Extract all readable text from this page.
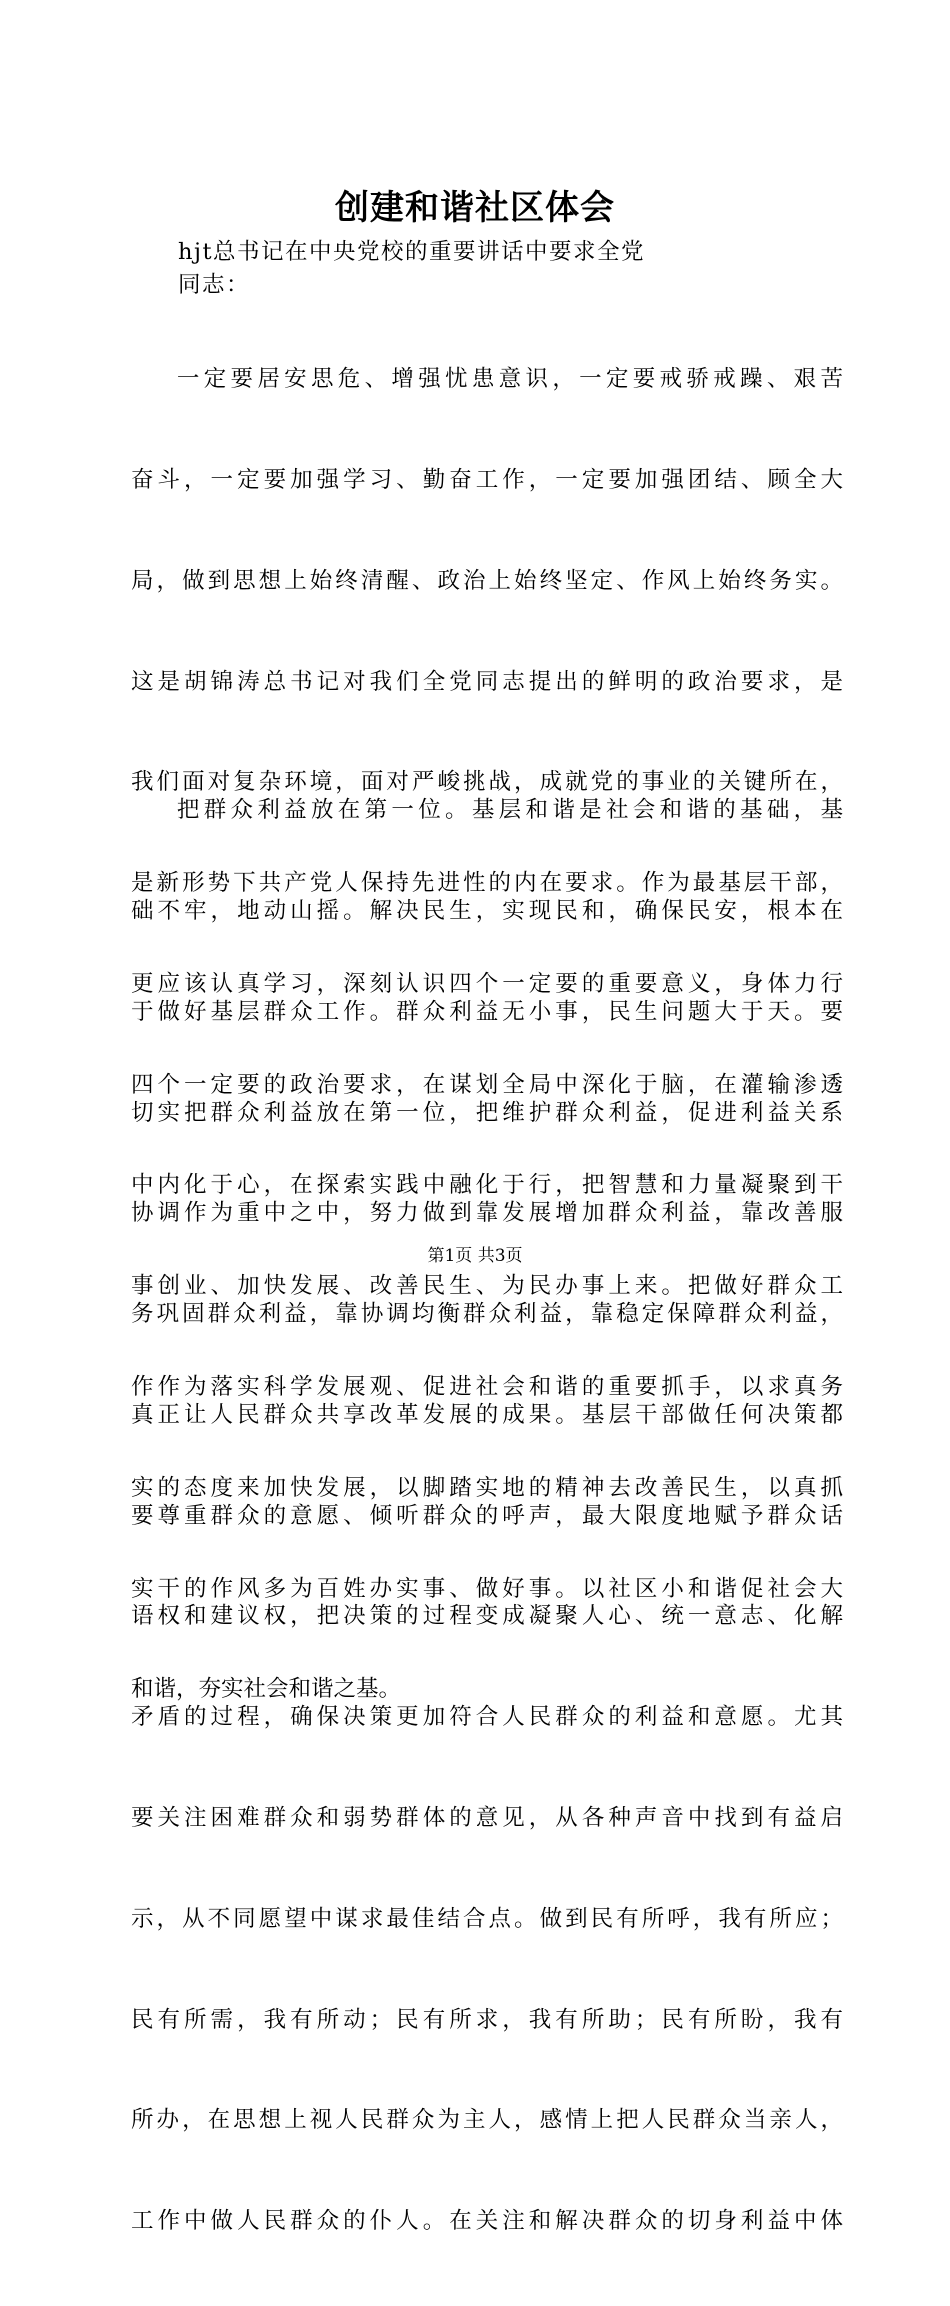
创建和谐社区体会
hjt总书记在中央党校的重要讲话中要求全党
同志：

一定要居安思危、增强忧患意识，一定要戒骄戒躁、艰苦

奋斗，一定要加强学习、勤奋工作，一定要加强团结、顾全大

局，做到思想上始终清醒、政治上始终坚定、作风上始终务实。

这是胡锦涛总书记对我们全党同志提出的鲜明的政治要求，是

我们面对复杂环境，面对严峻挑战，成就党的事业的关键所在，

是新形势下共产党人保持先进性的内在要求。作为最基层干部，

更应该认真学习，深刻认识四个一定要的重要意义，身体力行

四个一定要的政治要求，在谋划全局中深化于脑，在灌输渗透

中内化于心，在探索实践中融化于行，把智慧和力量凝聚到干

事创业、加快发展、改善民生、为民办事上来。把做好群众工

作作为落实科学发展观、促进社会和谐的重要抓手，以求真务

实的态度来加快发展，以脚踏实地的精神去改善民生，以真抓

实干的作风多为百姓办实事、做好事。以社区小和谐促社会大

和谐，夯实社会和谐之基。

把群众利益放在第一位。基层和谐是社会和谐的基础，基

础不牢，地动山摇。解决民生，实现民和，确保民安，根本在

于做好基层群众工作。群众利益无小事，民生问题大于天。要

切实把群众利益放在第一位，把维护群众利益，促进利益关系

协调作为重中之中，努力做到靠发展增加群众利益，靠改善服

务巩固群众利益，靠协调均衡群众利益，靠稳定保障群众利益，

真正让人民群众共享改革发展的成果。基层干部做任何决策都

要尊重群众的意愿、倾听群众的呼声，最大限度地赋予群众话

语权和建议权，把决策的过程变成凝聚人心、统一意志、化解

矛盾的过程，确保决策更加符合人民群众的利益和意愿。尤其

要关注困难群众和弱势群体的意见，从各种声音中找到有益启

示，从不同愿望中谋求最佳结合点。做到民有所呼，我有所应；

民有所需，我有所动；民有所求，我有所助；民有所盼，我有

所办，在思想上视人民群众为主人，感情上把人民群众当亲人，

工作中做人民群众的仆人。在关注和解决群众的切身利益中体

第1页 共3页
